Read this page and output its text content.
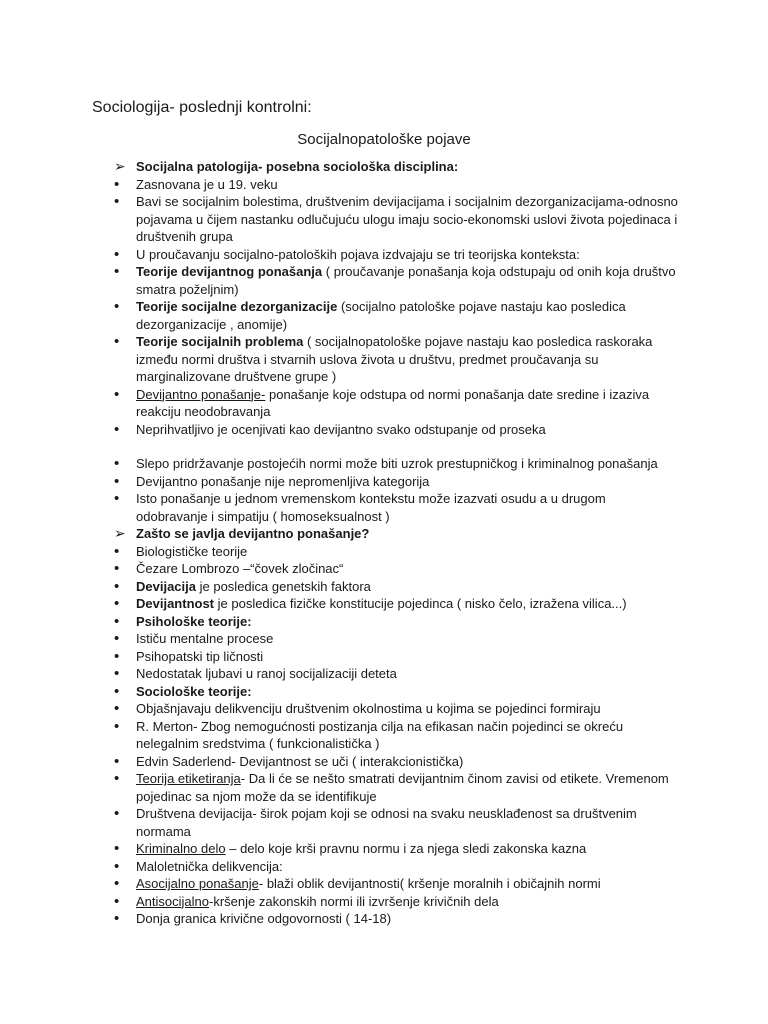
Sociologija- poslednji kontrolni:
Socijalnopatološke pojave
➢
Socijalna patologija- posebna sociološka disciplina:
•
Zasnovana je u 19. veku
•
Bavi se socijalnim bolestima, društvenim devijacijama i socijalnim dezorganizacijama-odnosno pojavama u čijem nastanku odlučujuću ulogu imaju socio-ekonomski uslovi života pojedinaca i društvenih grupa
•
U proučavanju socijalno-patoloških pojava izdvajaju se tri teorijska konteksta:
•
Teorije devijantnog ponašanja ( proučavanje ponašanja koja odstupaju od onih koja društvo smatra poželjnim)
•
Teorije socijalne dezorganizacije (socijalno patološke pojave nastaju kao posledica dezorganizacije , anomije)
•
Teorije socijalnih problema ( socijalnopatološke pojave nastaju kao posledica raskoraka između normi društva i stvarnih uslova života u društvu, predmet proučavanja su marginalizovane društvene grupe )
•
Devijantno ponašanje- ponašanje koje odstupa od normi ponašanja date sredine i izaziva reakciju neodobravanja
•
Neprihvatljivo je ocenjivati kao devijantno svako odstupanje od proseka
•
Slepo pridržavanje postojećih normi može biti uzrok prestupničkog i kriminalnog ponašanja
•
Devijantno ponašanje nije nepromenljiva kategorija
•
Isto ponašanje u jednom vremenskom kontekstu može izazvati osudu a u drugom odobravanje i simpatiju ( homoseksualnost )
➢
Zašto se javlja devijantno ponašanje?
•
Biologističke teorije
•
Čezare Lombrozo –“čovek zločinac“
•
Devijacija je posledica genetskih faktora
•
Devijantnost je posledica fizičke konstitucije pojedinca ( nisko čelo, izražena vilica...)
•
Psihološke teorije:
•
Ističu mentalne procese
•
Psihopatski tip ličnosti
•
Nedostatak ljubavi u ranoj socijalizaciji deteta
•
Sociološke teorije:
•
Objašnjavaju delikvenciju društvenim okolnostima u kojima se pojedinci formiraju
•
R. Merton- Zbog nemogućnosti postizanja cilja na efikasan način pojedinci se okreću nelegalnim sredstvima ( funkcionalistička )
•
Edvin Saderlend- Devijantnost se uči ( interakcionistička)
•
Teorija etiketiranja- Da li će se nešto smatrati devijantnim činom zavisi od etikete. Vremenom pojedinac sa njom može da se identifikuje
•
Društvena devijacija- širok pojam koji se odnosi na svaku neusklađenost sa društvenim normama
•
Kriminalno delo – delo koje krši pravnu normu i za njega sledi zakonska kazna
•
Maloletnička delikvencija:
•
Asocijalno ponašanje- blaži oblik devijantnosti( kršenje moralnih i običajnih normi
•
Antisocijalno-kršenje zakonskih normi ili izvršenje krivičnih dela
•
Donja granica krivične odgovornosti ( 14-18)
